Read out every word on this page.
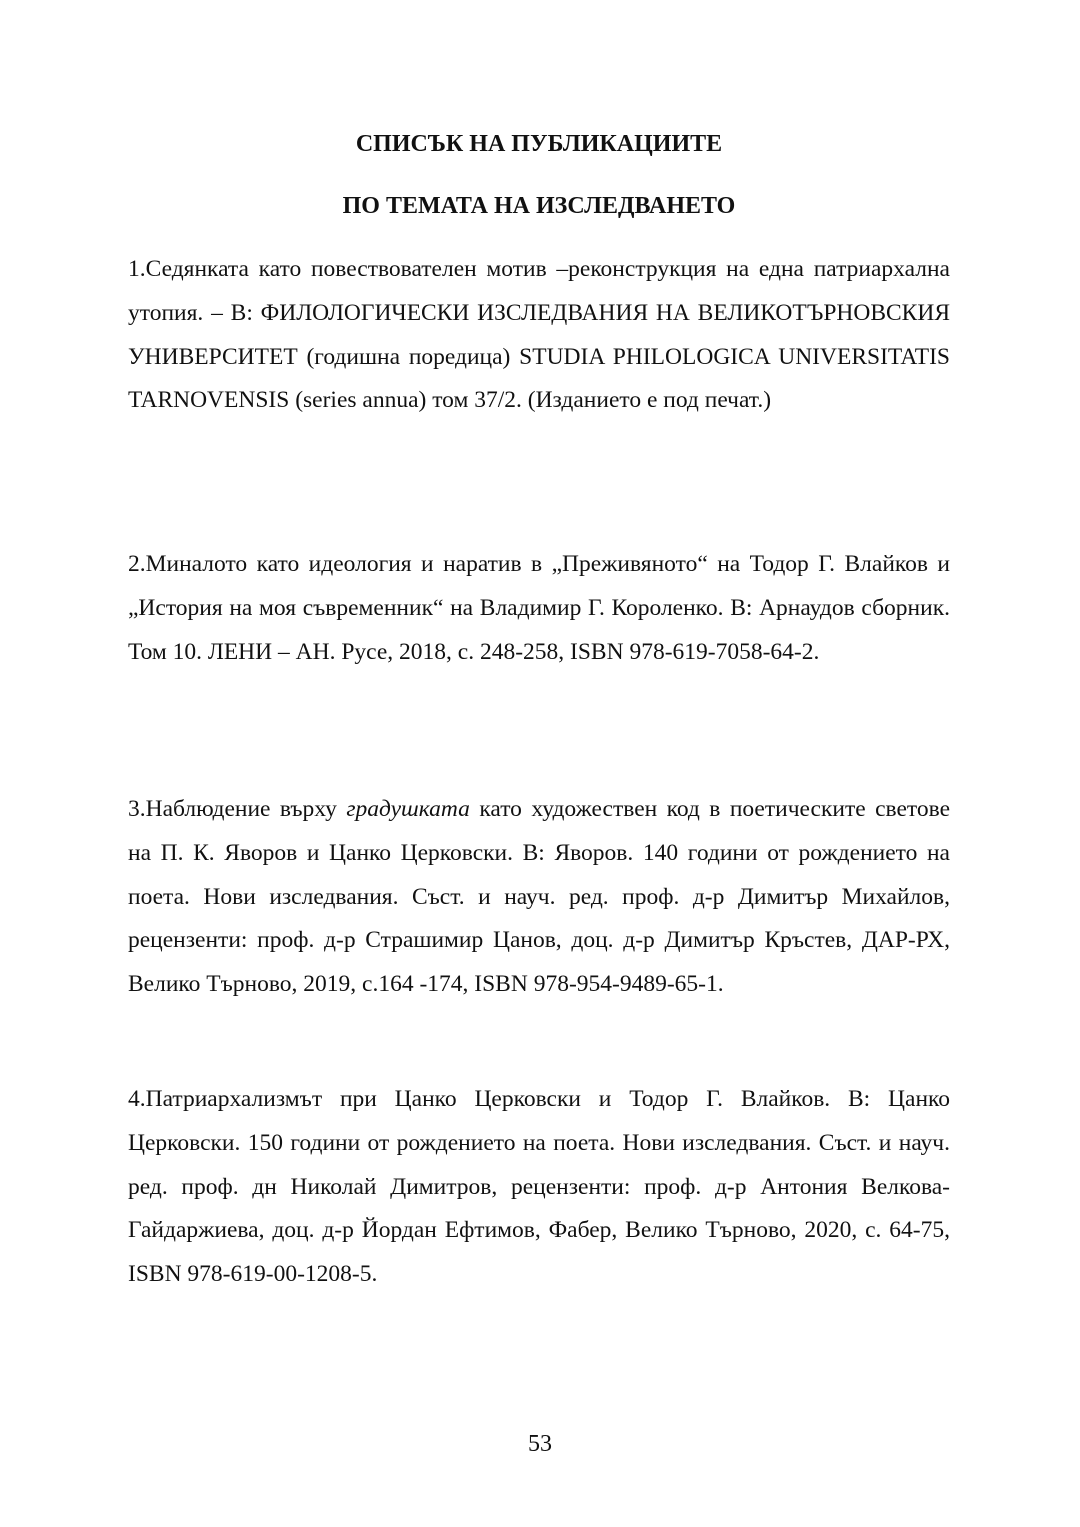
СПИСЪК НА ПУБЛИКАЦИИТЕ
ПО ТЕМАТА НА ИЗСЛЕДВАНЕТО

1.Седянката като повествователен мотив –реконструкция на една патриархална утопия. – В: ФИЛОЛОГИЧЕСКИ ИЗСЛЕДВАНИЯ НА ВЕЛИКОТЪРНОВСКИЯ УНИВЕРСИТЕТ (годишна поредица) STUDIA PHILOLOGICA UNIVERSITATIS TARNOVENSIS (series annua) том 37/2. (Изданието е под печат.)

2.Миналото като идеология и наратив в „Преживяното“ на Тодор Г. Влайков и „История на моя съвременник“ на Владимир Г. Короленко. В: Арнаудов сборник. Том 10. ЛЕНИ – АН. Русе, 2018, с. 248-258, ISBN 978-619-7058-64-2.

3.Наблюдение върху градушката като художествен код в поетическите светове на П. К. Яворов и Цанко Церковски. В: Яворов. 140 години от рождението на поета. Нови изследвания. Съст. и науч. ред. проф. д-р Димитър Михайлов, рецензенти: проф. д-р Страшимир Цанов, доц. д-р Димитър Кръстев, ДАР-РХ, Велико Търново, 2019, с.164 -174, ISBN 978-954-9489-65-1.

4.Патриархализмът при Цанко Церковски и Тодор Г. Влайков. В: Цанко Церковски. 150 години от рождението на поета. Нови изследвания. Съст. и науч. ред. проф. дн Николай Димитров, рецензенти: проф. д-р Антония Велкова-Гайдаржиева, доц. д-р Йордан Ефтимов, Фабер, Велико Търново, 2020, с. 64-75, ISBN 978-619-00-1208-5.

53
